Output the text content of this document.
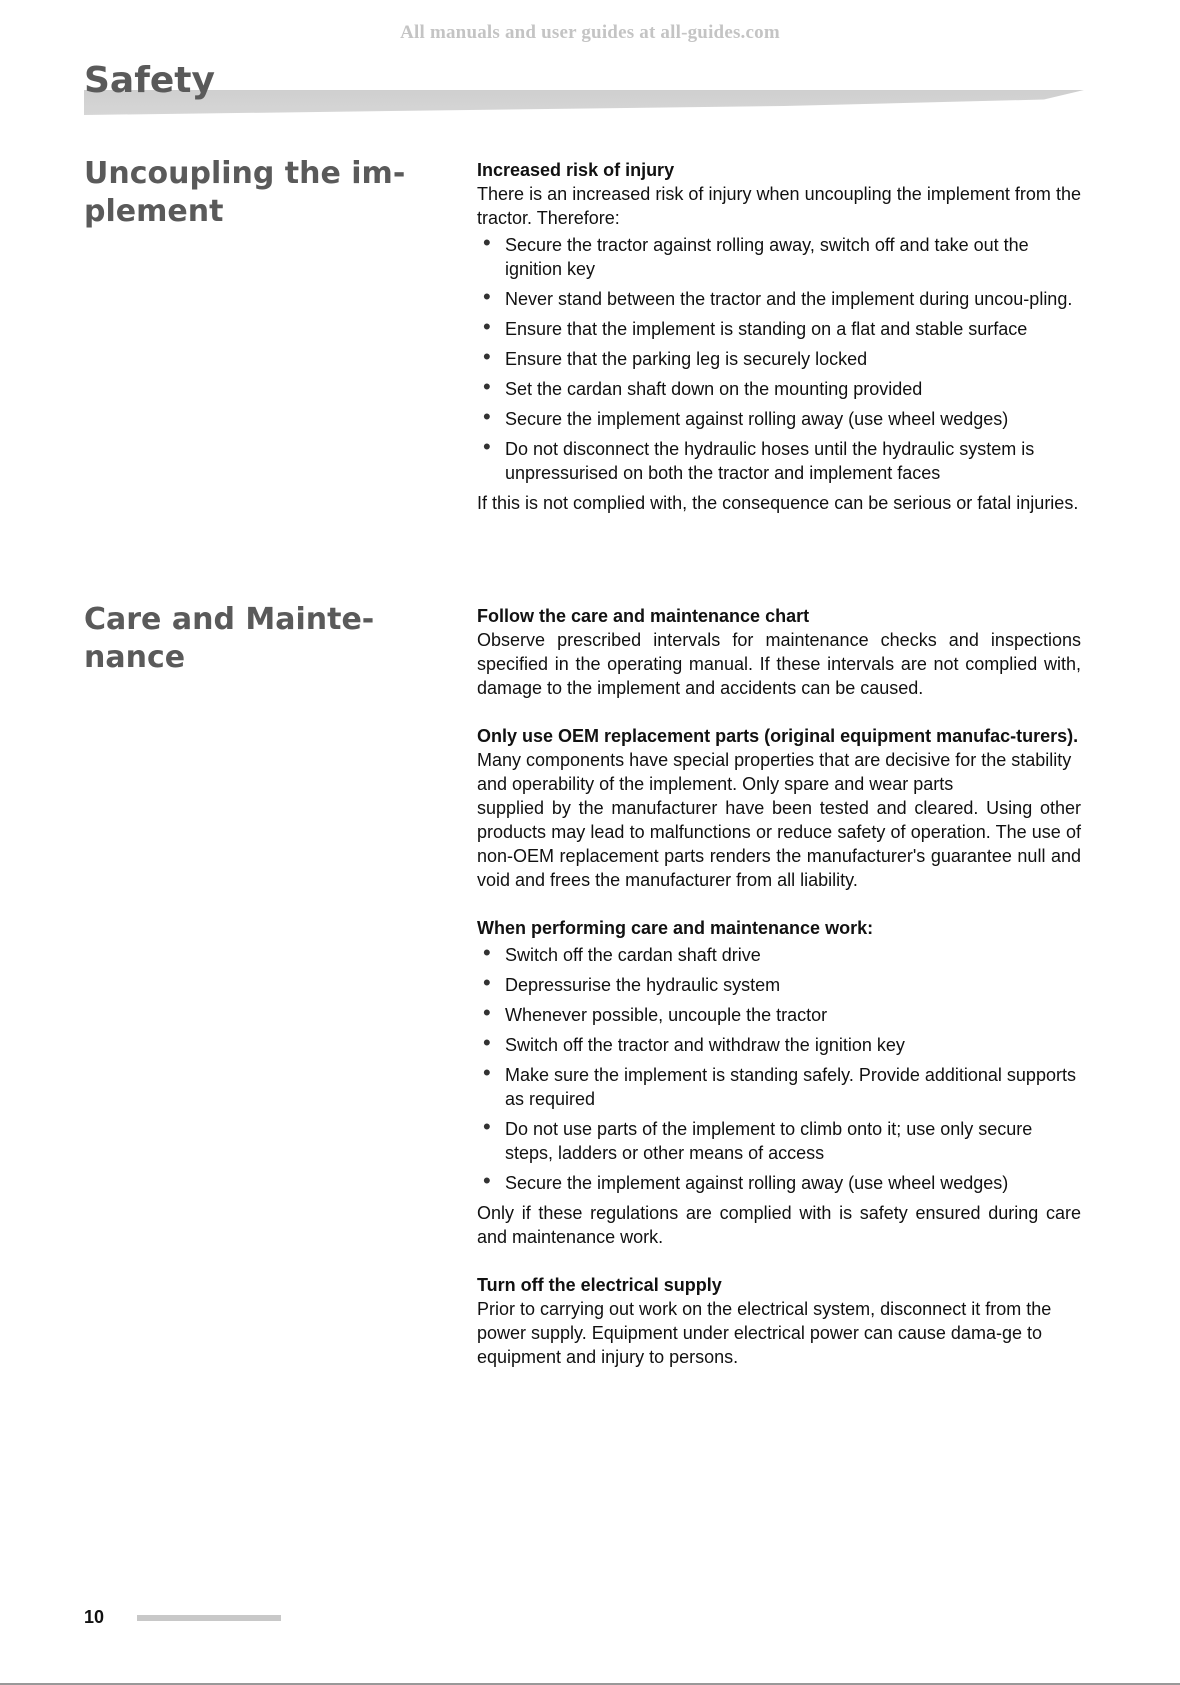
All manuals and user guides at all-guides.com
Safety
Uncoupling the im-
plement

Increased risk of injury

There is an increased risk of injury when uncoupling the implement from the tractor. Therefore:

• Secure the tractor against rolling away, switch off and take out the ignition key
• Never stand between the tractor and the implement during uncou-pling.
• Ensure that the implement is standing on a flat and stable surface
• Ensure that the parking leg is securely locked
• Set the cardan shaft down on the mounting provided
• Secure the implement against rolling away (use wheel wedges)
• Do not disconnect the hydraulic hoses until the hydraulic system is unpressurised on both the tractor and implement faces

If this is not complied with, the consequence can be serious or fatal injuries.

Care and Mainte-
nance

Follow the care and maintenance chart

Observe prescribed intervals for maintenance checks and inspections specified in the operating manual. If these intervals are not complied with, damage to the implement and accidents can be caused.

Only use OEM replacement parts (original equipment manufac-turers).

Many components have special properties that are decisive for the stability

and operability of the implement. Only spare and wear parts

supplied by the manufacturer have been tested and cleared. Using other products may lead to malfunctions or reduce safety of operation. The use of non-OEM replacement parts renders the manufacturer's guarantee null and void and frees the manufacturer from all liability.

When performing care and maintenance work:

• Switch off the cardan shaft drive
• Depressurise the hydraulic system
• Whenever possible, uncouple the tractor
• Switch off the tractor and withdraw the ignition key
• Make sure the implement is standing safely. Provide additional supports as required
• Do not use parts of the implement to climb onto it; use only secure steps, ladders or other means of access
• Secure the implement against rolling away (use wheel wedges)

Only if these regulations are complied with is safety ensured during care and maintenance work.

Turn off the electrical supply

Prior to carrying out work on the electrical system, disconnect it from the power supply. Equipment under electrical power can cause dama-ge to equipment and injury to persons.

10
